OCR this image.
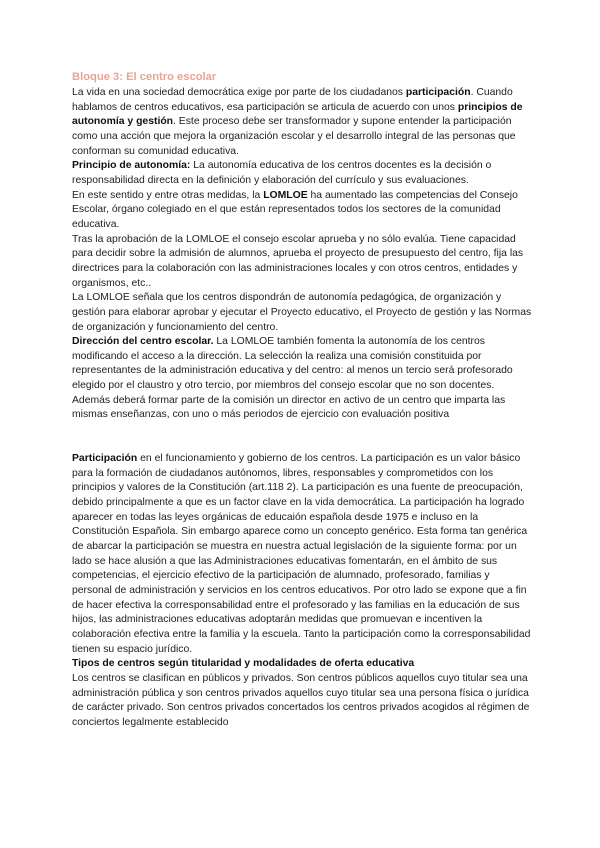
Bloque 3: El centro escolar

La vida en una sociedad democrática exige por parte de los ciudadanos participación. Cuando hablamos de centros educativos, esa participación se articula de acuerdo con unos principios de autonomía y gestión. Este proceso debe ser transformador y supone entender la participación como una acción que mejora la organización escolar y el desarrollo integral de las personas que conforman su comunidad educativa.

Principio de autonomía: La autonomía educativa de los centros docentes es la decisión o responsabilidad directa en la definición y elaboración del currículo y sus evaluaciones.

En este sentido y entre otras medidas, la LOMLOE ha aumentado las competencias del Consejo Escolar, órgano colegiado en el que están representados todos los sectores de la comunidad educativa.

Tras la aprobación de la LOMLOE el consejo escolar aprueba y no sólo evalúa. Tiene capacidad para decidir sobre la admisión de alumnos, aprueba el proyecto de presupuesto del centro, fija las directrices para la colaboración con las administraciones locales y con otros centros, entidades y organismos, etc..

La LOMLOE señala que los centros dispondrán de autonomía pedagógica, de organización y gestión para elaborar aprobar y ejecutar el Proyecto educativo, el Proyecto de gestión y las Normas de organización y funcionamiento del centro.

Dirección del centro escolar. La LOMLOE también fomenta la autonomía de los centros modificando el acceso a la dirección. La selección la realiza una comisión constituida por representantes de la administración educativa y del centro: al menos un tercio será profesorado elegido por el claustro y otro tercio, por miembros del consejo escolar que no son docentes. Además deberá formar parte de la comisión un director en activo de un centro que imparta las mismas enseñanzas, con uno o más periodos de ejercicio con evaluación positiva

Participación en el funcionamiento y gobierno de los centros. La participación es un valor básico para la formación de ciudadanos autónomos, libres, responsables y comprometidos con los principios y valores de la Constitución (art.118 2). La participación es una fuente de preocupación, debido principalmente a que es un factor clave en la vida democrática. La participación ha logrado aparecer en todas las leyes orgánicas de educaión española desde 1975 e incluso en la Constitución Española. Sin embargo aparece como un concepto genérico. Esta forma tan genérica de abarcar la participación se muestra en nuestra actual legislación de la siguiente forma: por un lado se hace alusión a que las Administraciones educativas fomentarán, en el ámbito de sus competencias, el ejercicio efectivo de la participación de alumnado, profesorado, familias y personal de administración y servicios en los centros educativos. Por otro lado se expone que a fin de hacer efectiva la corresponsabilidad entre el profesorado y las familias en la educación de sus hijos, las administraciones educativas adoptarán medidas que promuevan e incentiven la colaboración efectiva entre la familia y la escuela. Tanto la participación como la corresponsabilidad tienen su espacio jurídico.

Tipos de centros según titularidad y modalidades de oferta educativa

Los centros se clasifican en públicos y privados. Son centros públicos aquellos cuyo titular sea una administración pública y son centros privados aquellos cuyo titular sea una persona física o jurídica de carácter privado. Son centros privados concertados los centros privados acogidos al régimen de conciertos legalmente establecido
